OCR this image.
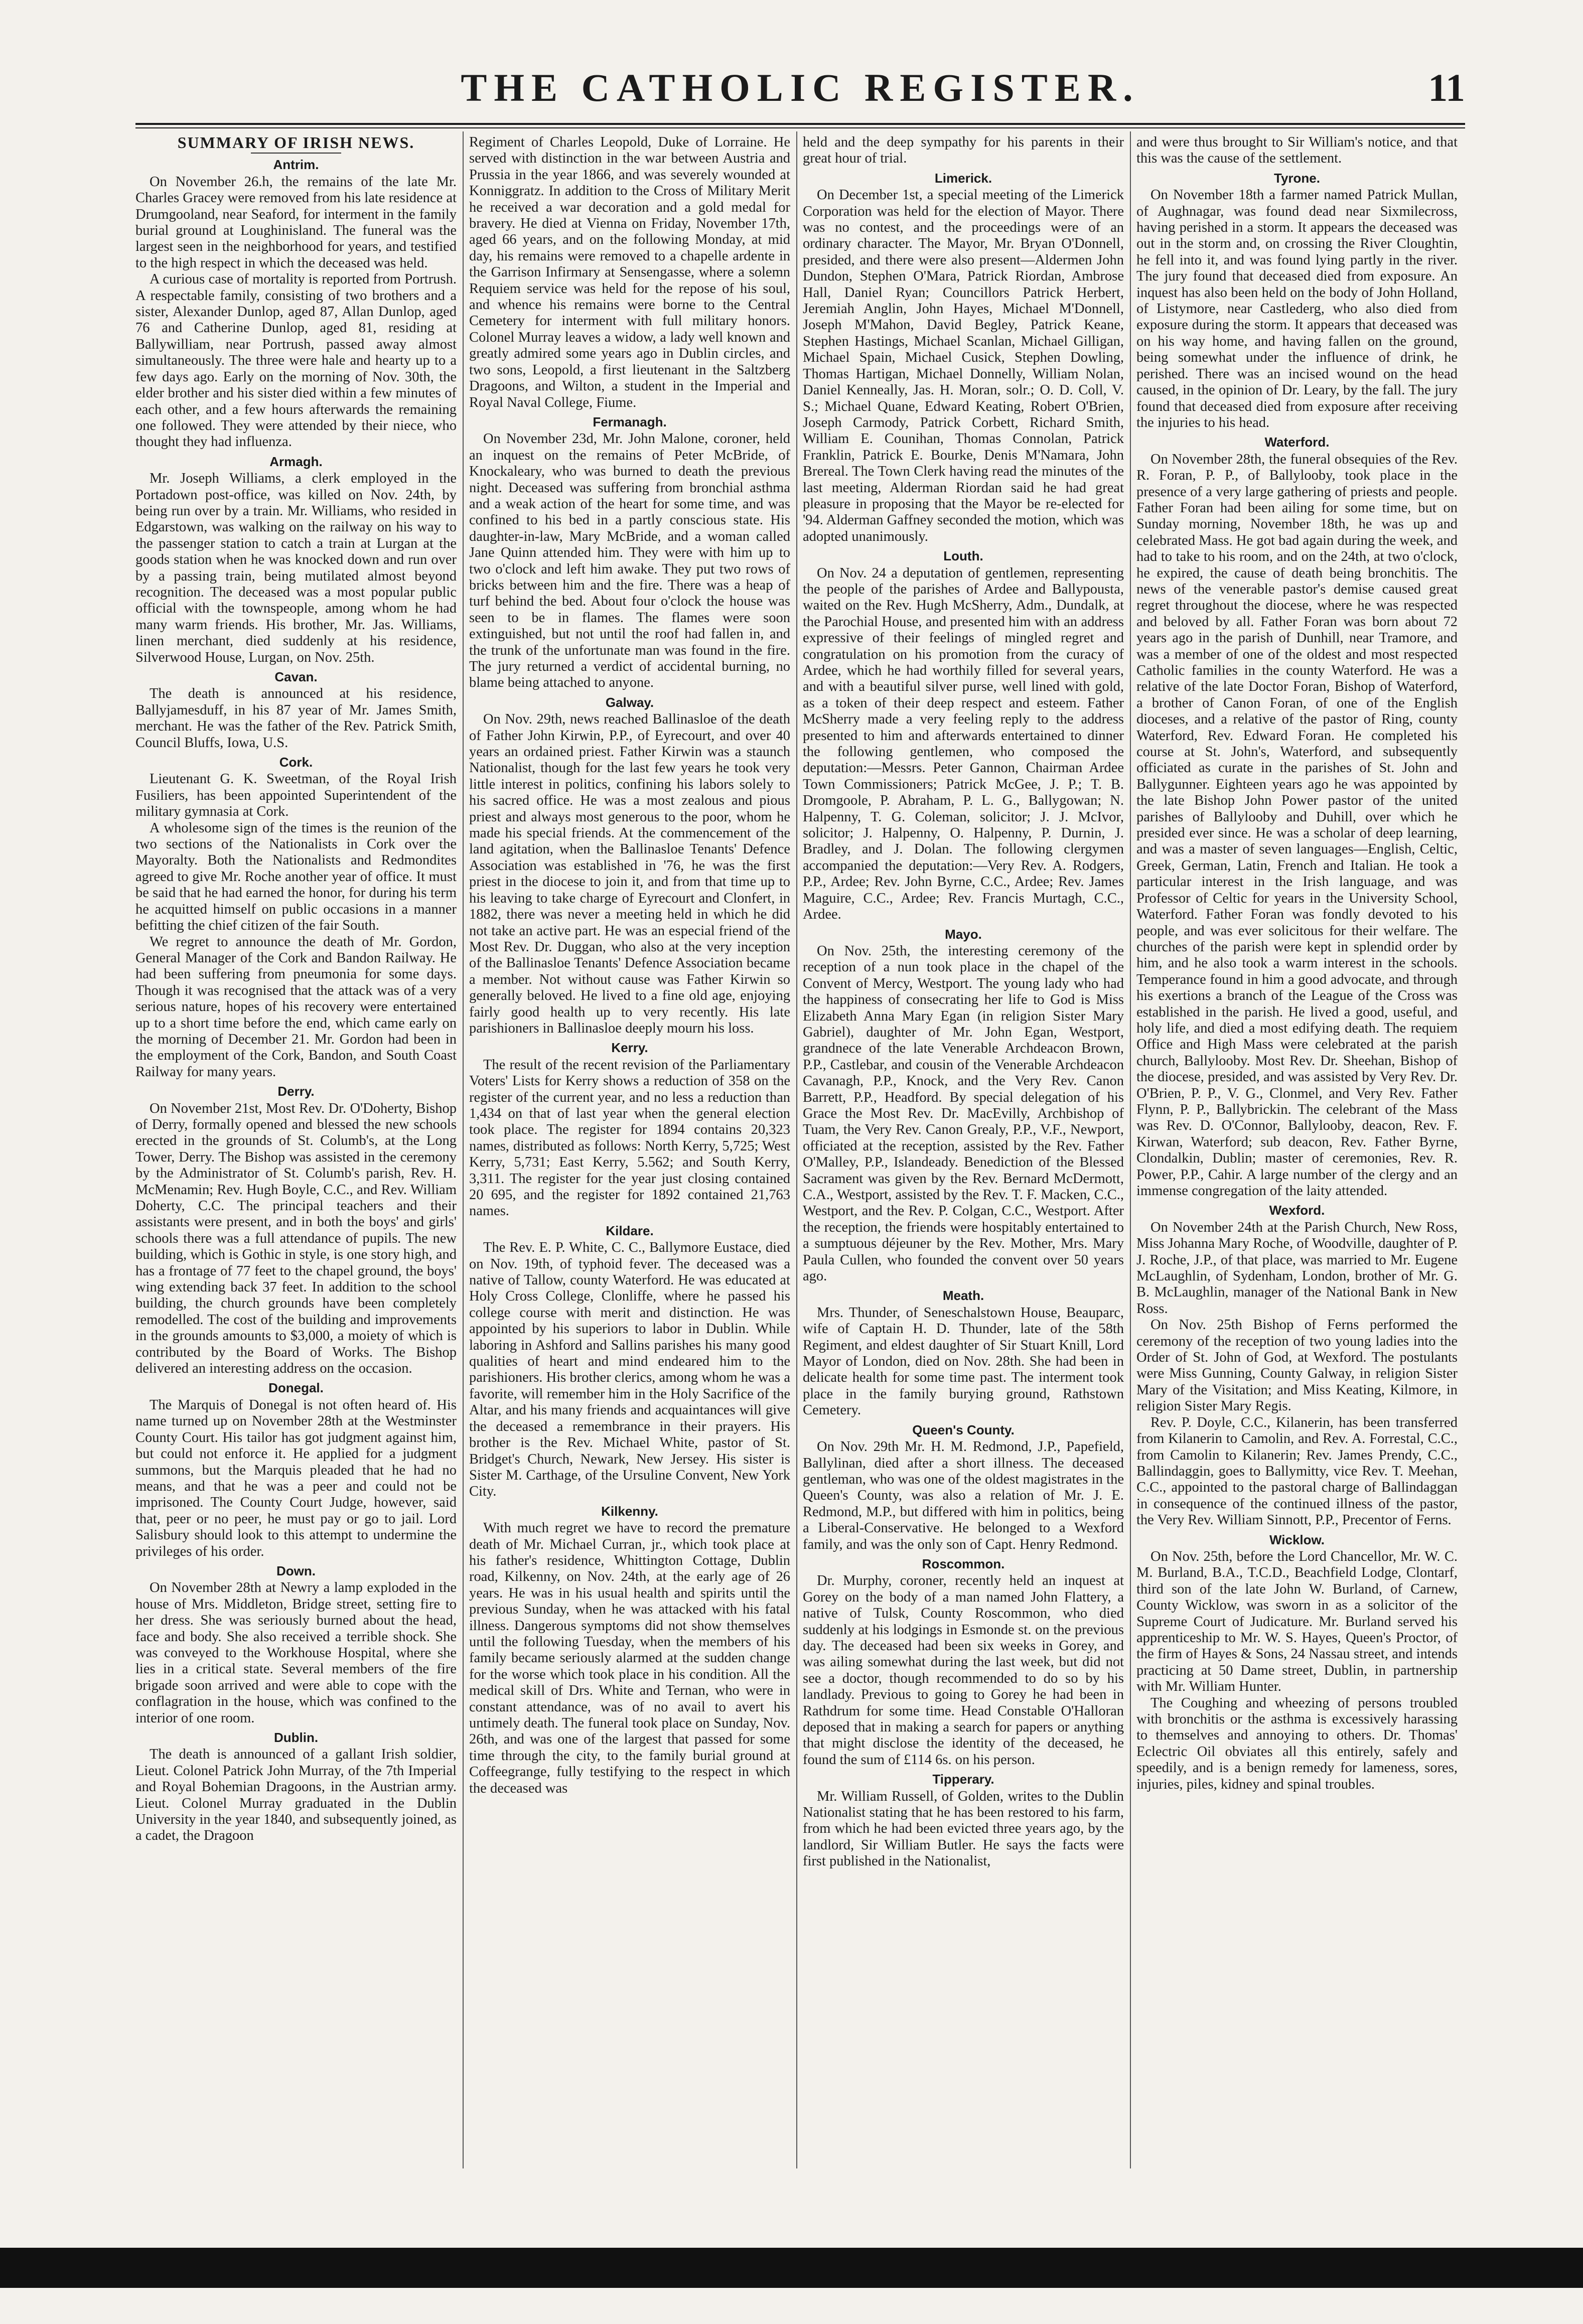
THE CATHOLIC REGISTER.	11
SUMMARY OF IRISH NEWS.
Antrim.

On November 26.h, the remains of the late Mr. Charles Gracey were removed from his late residence at Drumgooland, near Seaford, for interment in the family burial ground at Loughinisland. The funeral was the largest seen in the neighborhood for years, and testified to the high respect in which the deceased was held.

A curious case of mortality is reported from Portrush. A respectable family, consisting of two brothers and a sister, Alexander Dunlop, aged 87, Allan Dunlop, aged 76 and Catherine Dunlop, aged 81, residing at Ballywilliam, near Portrush, passed away almost simultaneously. The three were hale and hearty up to a few days ago. Early on the morning of Nov. 30th, the elder brother and his sister died within a few minutes of each other, and a few hours afterwards the remaining one followed. They were attended by their niece, who thought they had influenza.

Armagh.

Mr. Joseph Williams, a clerk employed in the Portadown post-office, was killed on Nov. 24th, by being run over by a train. Mr. Williams, who resided in Edgarstown, was walking on the railway on his way to the passenger station to catch a train at Lurgan at the goods station when he was knocked down and run over by a passing train, being mutilated almost beyond recognition. The deceased was a most popular public official with the townspeople, among whom he had many warm friends. His brother, Mr. Jas. Williams, linen merchant, died suddenly at his residence, Silverwood House, Lurgan, on Nov. 25th.

Cavan.

The death is announced at his residence, Ballyjamesduff, in his 87 year of Mr. James Smith, merchant. He was the father of the Rev. Patrick Smith, Council Bluffs, Iowa, U.S.

Cork.

Lieutenant G. K. Sweetman, of the Royal Irish Fusiliers, has been appointed Superintendent of the military gymnasia at Cork.

A wholesome sign of the times is the reunion of the two sections of the Nationalists in Cork over the Mayoralty. Both the Nationalists and Redmondites agreed to give Mr. Roche another year of office. It must be said that he had earned the honor, for during his term he acquitted himself on public occasions in a manner befitting the chief citizen of the fair South.

We regret to announce the death of Mr. Gordon, General Manager of the Cork and Bandon Railway. He had been suffering from pneumonia for some days. Though it was recognised that the attack was of a very serious nature, hopes of his recovery were entertained up to a short time before the end, which came early on the morning of December 21. Mr. Gordon had been in the employment of the Cork, Bandon, and South Coast Railway for many years.

Derry.

On November 21st, Most Rev. Dr. O'Doherty, Bishop of Derry, formally opened and blessed the new schools erected in the grounds of St. Columb's, at the Long Tower, Derry. The Bishop was assisted in the ceremony by the Administrator of St. Columb's parish, Rev. H. McMenamin; Rev. Hugh Boyle, C.C., and Rev. William Doherty, C.C. The principal teachers and their assistants were present, and in both the boys' and girls' schools there was a full attendance of pupils. The new building, which is Gothic in style, is one story high, and has a frontage of 77 feet to the chapel ground, the boys' wing extending back 37 feet. In addition to the school building, the church grounds have been completely remodelled. The cost of the building and improvements in the grounds amounts to $3,000, a moiety of which is contributed by the Board of Works. The Bishop delivered an interesting address on the occasion.

Donegal.

The Marquis of Donegal is not often heard of. His name turned up on November 28th at the Westminster County Court. His tailor has got judgment against him, but could not enforce it. He applied for a judgment summons, but the Marquis pleaded that he had no means, and that he was a peer and could not be imprisoned. The County Court Judge, however, said that, peer or no peer, he must pay or go to jail. Lord Salisbury should look to this attempt to undermine the privileges of his order.

Down.

On November 28th at Newry a lamp exploded in the house of Mrs. Middleton, Bridge street, setting fire to her dress. She was seriously burned about the head, face and body. She also received a terrible shock. She was conveyed to the Workhouse Hospital, where she lies in a critical state. Several members of the fire brigade soon arrived and were able to cope with the conflagration in the house, which was confined to the interior of one room.

Dublin.

The death is announced of a gallant Irish soldier, Lieut. Colonel Patrick John Murray, of the 7th Imperial and Royal Bohemian Dragoons, in the Austrian army. Lieut. Colonel Murray graduated in the Dublin University in the year 1840, and subsequently joined, as a cadet, the Dragoon

Regiment of Charles Leopold, Duke of Lorraine. He served with distinction in the war between Austria and Prussia in the year 1866, and was severely wounded at Konniggratz. In addition to the Cross of Military Merit he received a war decoration and a gold medal for bravery. He died at Vienna on Friday, November 17th, aged 66 years, and on the following Monday, at mid day, his remains were removed to a chapelle ardente in the Garrison Infirmary at Sensengasse, where a solemn Requiem service was held for the repose of his soul, and whence his remains were borne to the Central Cemetery for interment with full military honors. Colonel Murray leaves a widow, a lady well known and greatly admired some years ago in Dublin circles, and two sons, Leopold, a first lieutenant in the Saltzberg Dragoons, and Wilton, a student in the Imperial and Royal Naval College, Fiume.

Fermanagh.

On November 23d, Mr. John Malone, coroner, held an inquest on the remains of Peter McBride, of Knockaleary, who was burned to death the previous night. Deceased was suffering from bronchial asthma and a weak action of the heart for some time, and was confined to his bed in a partly conscious state. His daughter-in-law, Mary McBride, and a woman called Jane Quinn attended him. They were with him up to two o'clock and left him awake. They put two rows of bricks between him and the fire. There was a heap of turf behind the bed. About four o'clock the house was seen to be in flames. The flames were soon extinguished, but not until the roof had fallen in, and the trunk of the unfortunate man was found in the fire. The jury returned a verdict of accidental burning, no blame being attached to anyone.

Galway.

On Nov. 29th, news reached Ballinasloe of the death of Father John Kirwin, P.P., of Eyrecourt, and over 40 years an ordained priest. Father Kirwin was a staunch Nationalist, though for the last few years he took very little interest in politics, confining his labors solely to his sacred office. He was a most zealous and pious priest and always most generous to the poor, whom he made his special friends. At the commencement of the land agitation, when the Ballinasloe Tenants' Defence Association was established in '76, he was the first priest in the diocese to join it, and from that time up to his leaving to take charge of Eyrecourt and Clonfert, in 1882, there was never a meeting held in which he did not take an active part. He was an especial friend of the Most Rev. Dr. Duggan, who also at the very inception of the Ballinasloe Tenants' Defence Association became a member. Not without cause was Father Kirwin so generally beloved. He lived to a fine old age, enjoying fairly good health up to very recently. His late parishioners in Ballinasloe deeply mourn his loss.

Kerry.

The result of the recent revision of the Parliamentary Voters' Lists for Kerry shows a reduction of 358 on the register of the current year, and no less a reduction than 1,434 on that of last year when the general election took place. The register for 1894 contains 20,323 names, distributed as follows: North Kerry, 5,725; West Kerry, 5,731; East Kerry, 5.562; and South Kerry, 3,311. The register for the year just closing contained 20 695, and the register for 1892 contained 21,763 names.

Kildare.

The Rev. E. P. White, C. C., Ballymore Eustace, died on Nov. 19th, of typhoid fever. The deceased was a native of Tallow, county Waterford. He was educated at Holy Cross College, Clonliffe, where he passed his college course with merit and distinction. He was appointed by his superiors to labor in Dublin. While laboring in Ashford and Sallins parishes his many good qualities of heart and mind endeared him to the parishioners. His brother clerics, among whom he was a favorite, will remember him in the Holy Sacrifice of the Altar, and his many friends and acquaintances will give the deceased a remembrance in their prayers. His brother is the Rev. Michael White, pastor of St. Bridget's Church, Newark, New Jersey. His sister is Sister M. Carthage, of the Ursuline Convent, New York City.

Kilkenny.

With much regret we have to record the premature death of Mr. Michael Curran, jr., which took place at his father's residence, Whittington Cottage, Dublin road, Kilkenny, on Nov. 24th, at the early age of 26 years. He was in his usual health and spirits until the previous Sunday, when he was attacked with his fatal illness. Dangerous symptoms did not show themselves until the following Tuesday, when the members of his family became seriously alarmed at the sudden change for the worse which took place in his condition. All the medical skill of Drs. White and Ternan, who were in constant attendance, was of no avail to avert his untimely death. The funeral took place on Sunday, Nov. 26th, and was one of the largest that passed for some time through the city, to the family burial ground at Coffeegrange, fully testifying to the respect in which the deceased was

held and the deep sympathy for his parents in their great hour of trial.

Limerick.

On December 1st, a special meeting of the Limerick Corporation was held for the election of Mayor. There was no contest, and the proceedings were of an ordinary character. The Mayor, Mr. Bryan O'Donnell, presided, and there were also present—Aldermen John Dundon, Stephen O'Mara, Patrick Riordan, Ambrose Hall, Daniel Ryan; Councillors Patrick Herbert, Jeremiah Anglin, John Hayes, Michael M'Donnell, Joseph M'Mahon, David Begley, Patrick Keane, Stephen Hastings, Michael Scanlan, Michael Gilligan, Michael Spain, Michael Cusick, Stephen Dowling, Thomas Hartigan, Michael Donnelly, William Nolan, Daniel Kenneally, Jas. H. Moran, solr.; O. D. Coll, V. S.; Michael Quane, Edward Keating, Robert O'Brien, Joseph Carmody, Patrick Corbett, Richard Smith, William E. Counihan, Thomas Connolan, Patrick Franklin, Patrick E. Bourke, Denis M'Namara, John Brereal. The Town Clerk having read the minutes of the last meeting, Alderman Riordan said he had great pleasure in proposing that the Mayor be re-elected for '94. Alderman Gaffney seconded the motion, which was adopted unanimously.

Louth.

On Nov. 24 a deputation of gentlemen, representing the people of the parishes of Ardee and Ballypousta, waited on the Rev. Hugh McSherry, Adm., Dundalk, at the Parochial House, and presented him with an address expressive of their feelings of mingled regret and congratulation on his promotion from the curacy of Ardee, which he had worthily filled for several years, and with a beautiful silver purse, well lined with gold, as a token of their deep respect and esteem. Father McSherry made a very feeling reply to the address presented to him and afterwards entertained to dinner the following gentlemen, who composed the deputation:—Messrs. Peter Gannon, Chairman Ardee Town Commissioners; Patrick McGee, J. P.; T. B. Dromgoole, P. Abraham, P. L. G., Ballygowan; N. Halpenny, T. G. Coleman, solicitor; J. J. McIvor, solicitor; J. Halpenny, O. Halpenny, P. Durnin, J. Bradley, and J. Dolan. The following clergymen accompanied the deputation:—Very Rev. A. Rodgers, P.P., Ardee; Rev. John Byrne, C.C., Ardee; Rev. James Maguire, C.C., Ardee; Rev. Francis Murtagh, C.C., Ardee.

Mayo.

On Nov. 25th, the interesting ceremony of the reception of a nun took place in the chapel of the Convent of Mercy, Westport. The young lady who had the happiness of consecrating her life to God is Miss Elizabeth Anna Mary Egan (in religion Sister Mary Gabriel), daughter of Mr. John Egan, Westport, grandnece of the late Venerable Archdeacon Brown, P.P., Castlebar, and cousin of the Venerable Archdeacon Cavanagh, P.P., Knock, and the Very Rev. Canon Barrett, P.P., Headford. By special delegation of his Grace the Most Rev. Dr. MacEvilly, Archbishop of Tuam, the Very Rev. Canon Grealy, P.P., V.F., Newport, officiated at the reception, assisted by the Rev. Father O'Malley, P.P., Islandeady. Benediction of the Blessed Sacrament was given by the Rev. Bernard McDermott, C.A., Westport, assisted by the Rev. T. F. Macken, C.C., Westport, and the Rev. P. Colgan, C.C., Westport. After the reception, the friends were hospitably entertained to a sumptuous déjeuner by the Rev. Mother, Mrs. Mary Paula Cullen, who founded the convent over 50 years ago.

Meath.

Mrs. Thunder, of Seneschalstown House, Beauparc, wife of Captain H. D. Thunder, late of the 58th Regiment, and eldest daughter of Sir Stuart Knill, Lord Mayor of London, died on Nov. 28th. She had been in delicate health for some time past. The interment took place in the family burying ground, Rathstown Cemetery.

Queen's County.

On Nov. 29th Mr. H. M. Redmond, J.P., Papefield, Ballylinan, died after a short illness. The deceased gentleman, who was one of the oldest magistrates in the Queen's County, was also a relation of Mr. J. E. Redmond, M.P., but differed with him in politics, being a Liberal-Conservative. He belonged to a Wexford family, and was the only son of Capt. Henry Redmond.

Roscommon.

Dr. Murphy, coroner, recently held an inquest at Gorey on the body of a man named John Flattery, a native of Tulsk, County Roscommon, who died suddenly at his lodgings in Esmonde st. on the previous day. The deceased had been six weeks in Gorey, and was ailing somewhat during the last week, but did not see a doctor, though recommended to do so by his landlady. Previous to going to Gorey he had been in Rathdrum for some time. Head Constable O'Halloran deposed that in making a search for papers or anything that might disclose the identity of the deceased, he found the sum of £114 6s. on his person.

Tipperary.

Mr. William Russell, of Golden, writes to the Dublin Nationalist stating that he has been restored to his farm, from which he had been evicted three years ago, by the landlord, Sir William Butler. He says the facts were first published in the Nationalist,

and were thus brought to Sir William's notice, and that this was the cause of the settlement.

Tyrone.

On November 18th a farmer named Patrick Mullan, of Aughnagar, was found dead near Sixmilecross, having perished in a storm. It appears the deceased was out in the storm and, on crossing the River Cloughtin, he fell into it, and was found lying partly in the river. The jury found that deceased died from exposure. An inquest has also been held on the body of John Holland, of Listymore, near Castlederg, who also died from exposure during the storm. It appears that deceased was on his way home, and having fallen on the ground, being somewhat under the influence of drink, he perished. There was an incised wound on the head caused, in the opinion of Dr. Leary, by the fall. The jury found that deceased died from exposure after receiving the injuries to his head.

Waterford.

On November 28th, the funeral obsequies of the Rev. R. Foran, P. P., of Ballylooby, took place in the presence of a very large gathering of priests and people. Father Foran had been ailing for some time, but on Sunday morning, November 18th, he was up and celebrated Mass. He got bad again during the week, and had to take to his room, and on the 24th, at two o'clock, he expired, the cause of death being bronchitis. The news of the venerable pastor's demise caused great regret throughout the diocese, where he was respected and beloved by all. Father Foran was born about 72 years ago in the parish of Dunhill, near Tramore, and was a member of one of the oldest and most respected Catholic families in the county Waterford. He was a relative of the late Doctor Foran, Bishop of Waterford, a brother of Canon Foran, of one of the English dioceses, and a relative of the pastor of Ring, county Waterford, Rev. Edward Foran. He completed his course at St. John's, Waterford, and subsequently officiated as curate in the parishes of St. John and Ballygunner. Eighteen years ago he was appointed by the late Bishop John Power pastor of the united parishes of Ballylooby and Duhill, over which he presided ever since. He was a scholar of deep learning, and was a master of seven languages—English, Celtic, Greek, German, Latin, French and Italian. He took a particular interest in the Irish language, and was Professor of Celtic for years in the University School, Waterford. Father Foran was fondly devoted to his people, and was ever solicitous for their welfare. The churches of the parish were kept in splendid order by him, and he also took a warm interest in the schools. Temperance found in him a good advocate, and through his exertions a branch of the League of the Cross was established in the parish. He lived a good, useful, and holy life, and died a most edifying death. The requiem Office and High Mass were celebrated at the parish church, Ballylooby. Most Rev. Dr. Sheehan, Bishop of the diocese, presided, and was assisted by Very Rev. Dr. O'Brien, P. P., V. G., Clonmel, and Very Rev. Father Flynn, P. P., Ballybrickin. The celebrant of the Mass was Rev. D. O'Connor, Ballylooby, deacon, Rev. F. Kirwan, Waterford; sub deacon, Rev. Father Byrne, Clondalkin, Dublin; master of ceremonies, Rev. R. Power, P.P., Cahir. A large number of the clergy and an immense congregation of the laity attended.

Wexford.

On November 24th at the Parish Church, New Ross, Miss Johanna Mary Roche, of Woodville, daughter of P. J. Roche, J.P., of that place, was married to Mr. Eugene McLaughlin, of Sydenham, London, brother of Mr. G. B. McLaughlin, manager of the National Bank in New Ross.

On Nov. 25th Bishop of Ferns performed the ceremony of the reception of two young ladies into the Order of St. John of God, at Wexford. The postulants were Miss Gunning, County Galway, in religion Sister Mary of the Visitation; and Miss Keating, Kilmore, in religion Sister Mary Regis.

Rev. P. Doyle, C.C., Kilanerin, has been transferred from Kilanerin to Camolin, and Rev. A. Forrestal, C.C., from Camolin to Kilanerin; Rev. James Prendy, C.C., Ballindaggin, goes to Ballymitty, vice Rev. T. Meehan, C.C., appointed to the pastoral charge of Ballindaggan in consequence of the continued illness of the pastor, the Very Rev. William Sinnott, P.P., Precentor of Ferns.

Wicklow.

On Nov. 25th, before the Lord Chancellor, Mr. W. C. M. Burland, B.A., T.C.D., Beachfield Lodge, Clontarf, third son of the late John W. Burland, of Carnew, County Wicklow, was sworn in as a solicitor of the Supreme Court of Judicature. Mr. Burland served his apprenticeship to Mr. W. S. Hayes, Queen's Proctor, of the firm of Hayes & Sons, 24 Nassau street, and intends practicing at 50 Dame street, Dublin, in partnership with Mr. William Hunter.

The Coughing and wheezing of persons troubled with bronchitis or the asthma is excessively harassing to themselves and annoying to others. Dr. Thomas' Eclectric Oil obviates all this entirely, safely and speedily, and is a benign remedy for lameness, sores, injuries, piles, kidney and spinal troubles.
